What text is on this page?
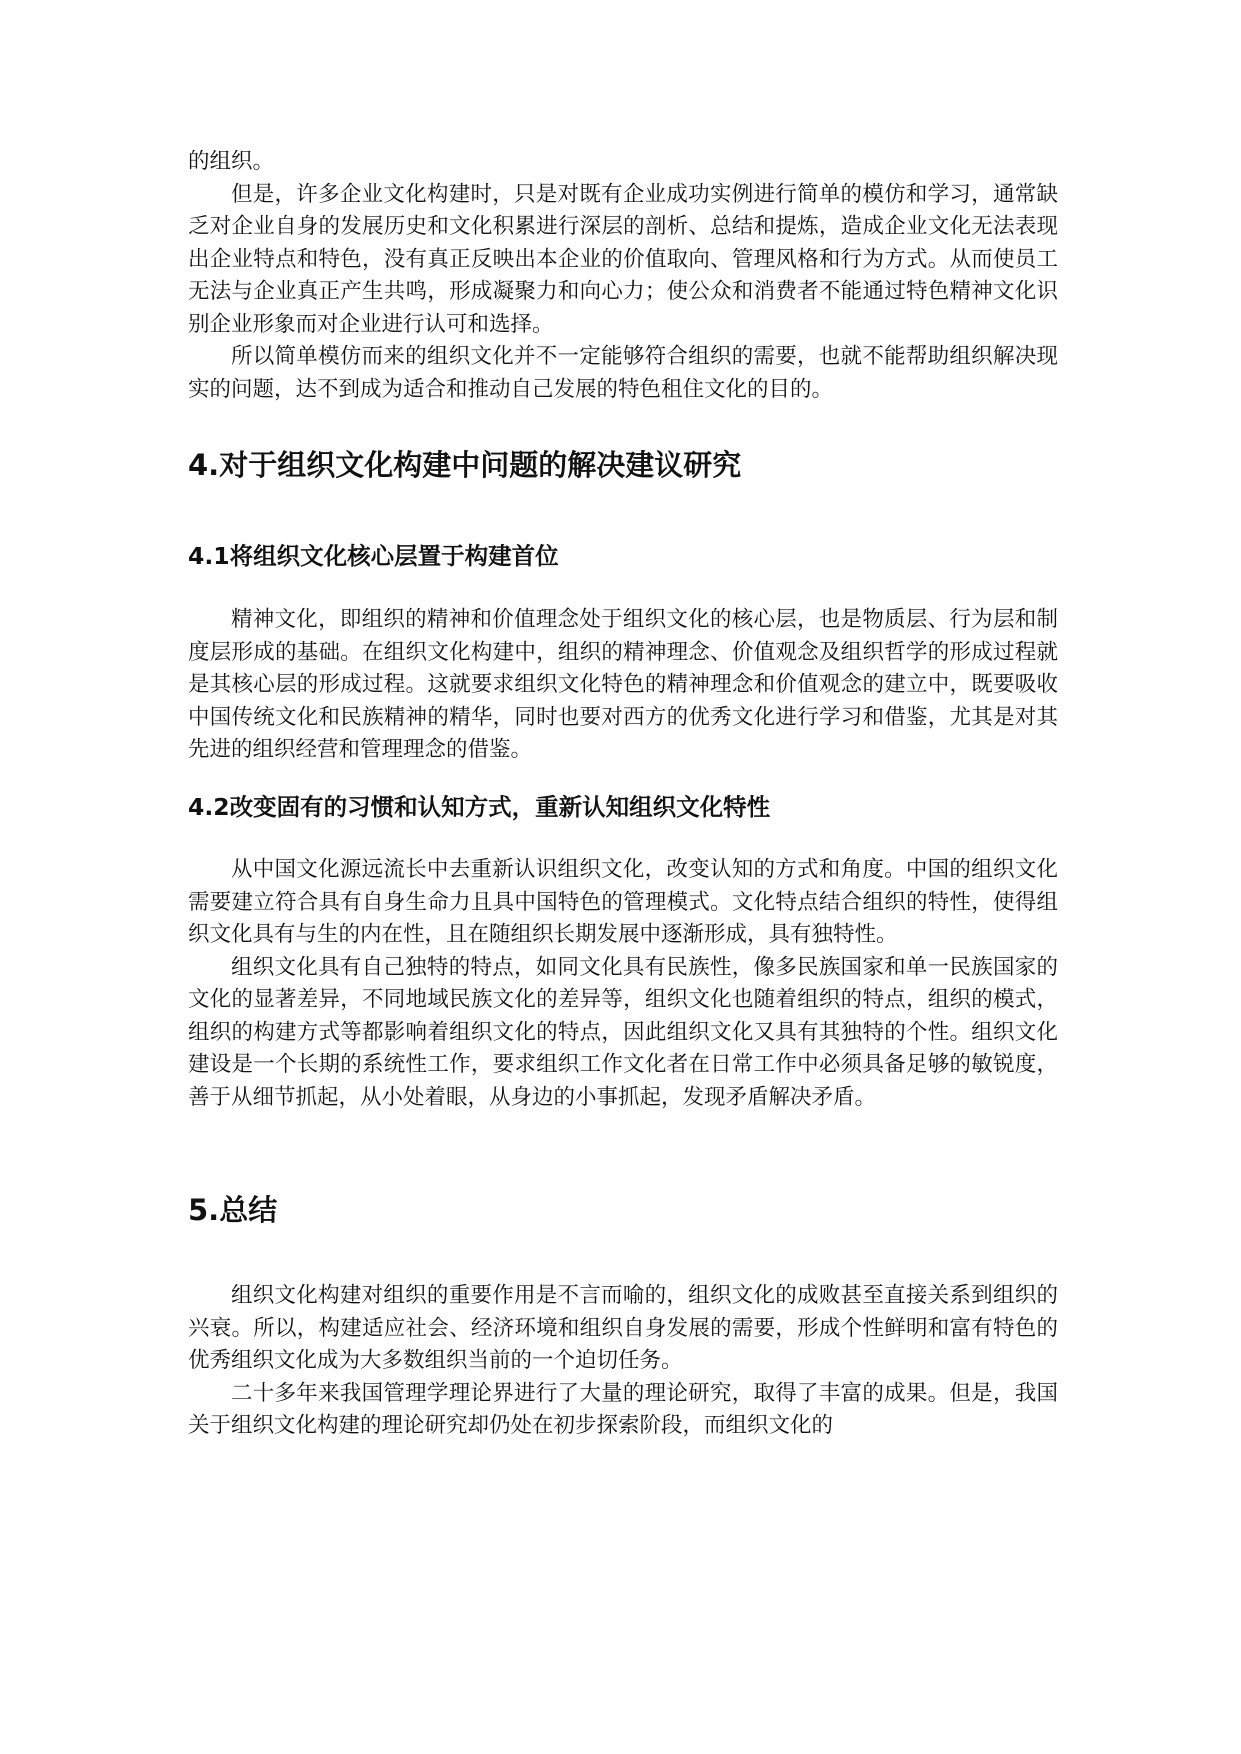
的组织。

但是，许多企业文化构建时，只是对既有企业成功实例进行简单的模仿和学习，通常缺乏对企业自身的发展历史和文化积累进行深层的剖析、总结和提炼，造成企业文化无法表现出企业特点和特色，没有真正反映出本企业的价值取向、管理风格和行为方式。从而使员工无法与企业真正产生共鸣，形成凝聚力和向心力；使公众和消费者不能通过特色精神文化识别企业形象而对企业进行认可和选择。

所以简单模仿而来的组织文化并不一定能够符合组织的需要，也就不能帮助组织解决现实的问题，达不到成为适合和推动自己发展的特色租住文化的目的。

4.对于组织文化构建中问题的解决建议研究
4.1将组织文化核心层置于构建首位

精神文化，即组织的精神和价值理念处于组织文化的核心层，也是物质层、行为层和制度层形成的基础。在组织文化构建中，组织的精神理念、价值观念及组织哲学的形成过程就是其核心层的形成过程。这就要求组织文化特色的精神理念和价值观念的建立中，既要吸收中国传统文化和民族精神的精华，同时也要对西方的优秀文化进行学习和借鉴，尤其是对其先进的组织经营和管理理念的借鉴。

4.2改变固有的习惯和认知方式，重新认知组织文化特性

从中国文化源远流长中去重新认识组织文化，改变认知的方式和角度。中国的组织文化需要建立符合具有自身生命力且具中国特色的管理模式。文化特点结合组织的特性，使得组织文化具有与生的内在性，且在随组织长期发展中逐渐形成，具有独特性。

组织文化具有自己独特的特点，如同文化具有民族性，像多民族国家和单一民族国家的文化的显著差异，不同地域民族文化的差异等，组织文化也随着组织的特点，组织的模式，组织的构建方式等都影响着组织文化的特点，因此组织文化又具有其独特的个性。组织文化建设是一个长期的系统性工作，要求组织工作文化者在日常工作中必须具备足够的敏锐度，善于从细节抓起，从小处着眼，从身边的小事抓起，发现矛盾解决矛盾。

5.总结

组织文化构建对组织的重要作用是不言而喻的，组织文化的成败甚至直接关系到组织的兴衰。所以，构建适应社会、经济环境和组织自身发展的需要，形成个性鲜明和富有特色的优秀组织文化成为大多数组织当前的一个迫切任务。

二十多年来我国管理学理论界进行了大量的理论研究，取得了丰富的成果。但是，我国关于组织文化构建的理论研究却仍处在初步探索阶段，而组织文化的
